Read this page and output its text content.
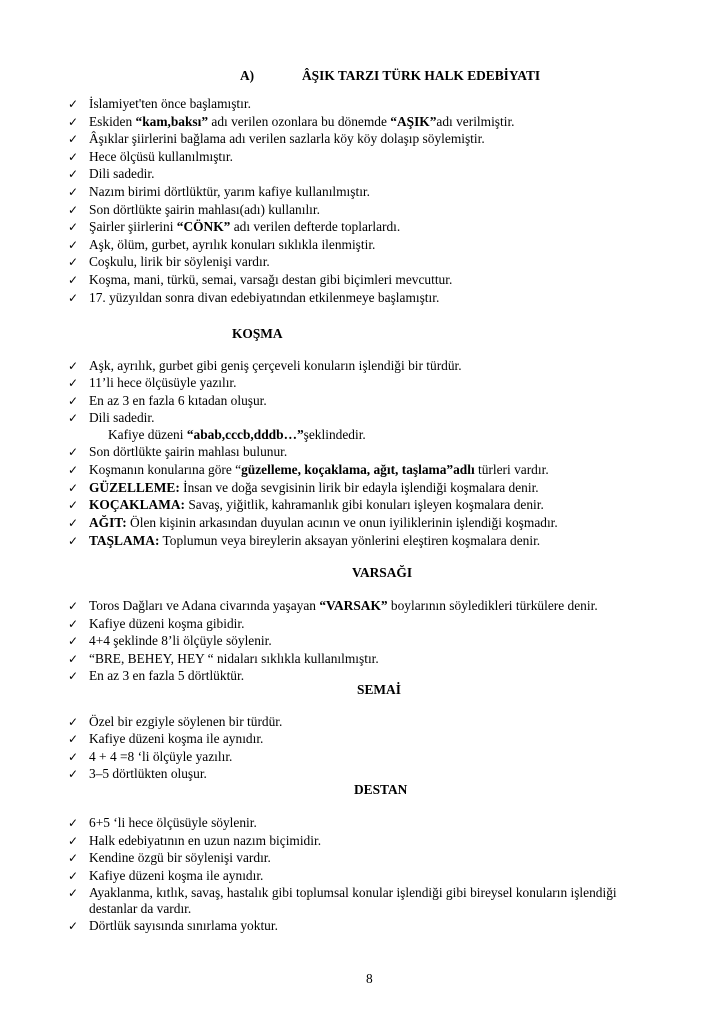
A)	ÂŞIK TARZI TÜRK HALK EDEBİYATI
✓ İslamiyet'ten önce başlamıştır.
✓ Eskiden “kam,baksı” adı verilen ozonlara bu dönemde “AŞIK”adı verilmiştir.
✓ Âşıklar şiirlerini bağlama adı verilen sazlarla köy köy dolaşıp söylemiştir.
✓ Hece ölçüsü kullanılmıştır.
✓ Dili sadedir.
✓ Nazım birimi dörtlüktür, yarım kafiye kullanılmıştır.
✓ Son dörtlükte şairin mahlası(adı) kullanılır.
✓ Şairler şiirlerini “CÖNK” adı verilen defterde toplarlardı.
✓ Aşk, ölüm, gurbet, ayrılık konuları sıklıkla ilenmiştir.
✓ Coşkulu, lirik bir söylenişi vardır.
✓ Koşma, mani, türkü, semai, varsağı destan gibi biçimleri mevcuttur.
✓ 17. yüzyıldan sonra divan edebiyatından etkilenmeye başlamıştır.
KOŞMA
✓ Aşk, ayrılık, gurbet gibi geniş çerçeveli konuların işlendiği bir türdür.
✓ 11’li hece ölçüsüyle yazılır.
✓ En az 3 en fazla 6 kıtadan oluşur.
✓ Dili sadedir.
Kafiye düzeni “abab,cccb,dddb…”şeklindedir.
✓ Son dörtlükte şairin mahlası bulunur.
✓ Koşmanın konularına göre “güzelleme, koçaklama, ağıt, taşlama”adlı türleri vardır.
✓ GÜZELLEME: İnsan ve doğa sevgisinin lirik bir edayla işlendiği koşmalara denir.
✓ KOÇAKLAMA: Savaş, yiğitlik, kahramanlık gibi konuları işleyen koşmalara denir.
✓ AĞIT: Ölen kişinin arkasından duyulan acının ve onun iyiliklerinin işlendiği koşmadır.
✓ TAŞLAMA: Toplumun veya bireylerin aksayan yönlerini eleştiren koşmalara denir.
VARSAĞI
✓ Toros Dağları ve Adana civarında yaşayan “VARSAK” boylarının söyledikleri türkülere denir.
✓ Kafiye düzeni koşma gibidir.
✓ 4+4 şeklinde 8’li ölçüyle söylenir.
✓ “BRE, BEHEY, HEY “ nidaları sıklıkla kullanılmıştır.
✓ En az 3 en fazla 5 dörtlüktür.
SEMAİ
✓ Özel bir ezgiyle söylenen bir türdür.
✓ Kafiye düzeni koşma ile aynıdır.
✓ 4 + 4 =8 ‘li ölçüyle yazılır.
✓ 3–5 dörtlükten oluşur.
DESTAN
✓ 6+5 ‘li hece ölçüsüyle söylenir.
✓ Halk edebiyatının en uzun nazım biçimidir.
✓ Kendine özgü bir söylenişi vardır.
✓ Kafiye düzeni koşma ile aynıdır.
✓ Ayaklanma, kıtlık, savaş, hastalık gibi toplumsal konular işlendiği gibi bireysel konuların işlendiği
destanlar da vardır.
✓ Dörtlük sayısında sınırlama yoktur.
8
